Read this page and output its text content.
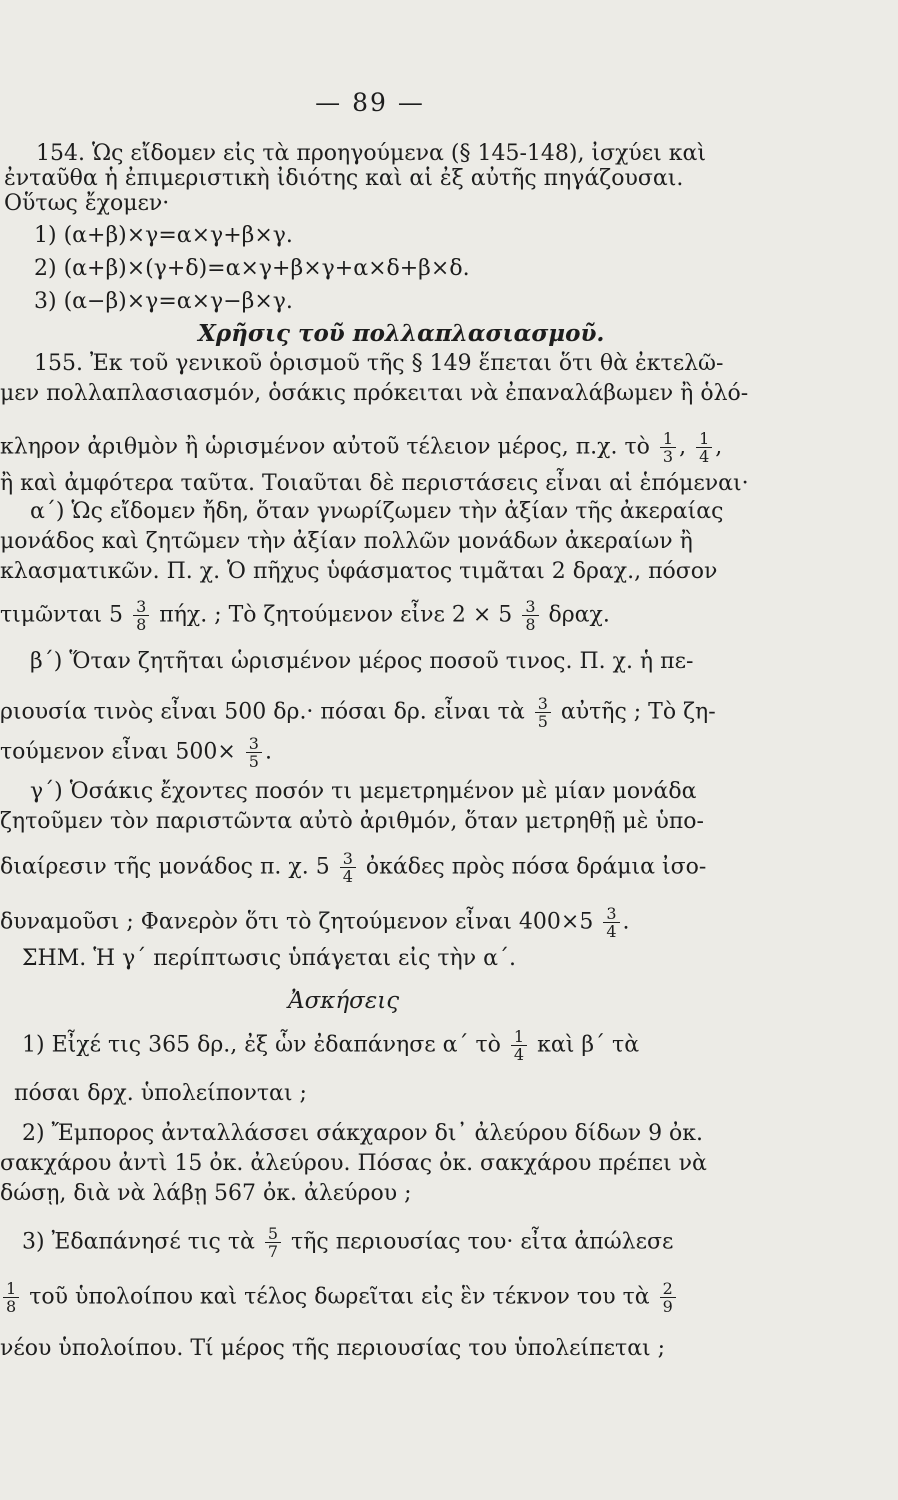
— 89 —
154. Ὡς εἴδομεν εἰς τὰ προηγούμενα (§ 145-148), ἰσχύει καὶ
ἐνταῦθα ἡ ἐπιμεριστικὴ ἰδιότης καὶ αἱ ἐξ αὐτῆς πηγάζουσαι.
Οὕτως ἔχομεν·
1) (α+β)×γ=α×γ+β×γ.
2) (α+β)×(γ+δ)=α×γ+β×γ+α×δ+β×δ.
3) (α−β)×γ=α×γ−β×γ.
Χρῆσις τοῦ πολλαπλασιασμοῦ.
155. Ἐκ τοῦ γενικοῦ ὁρισμοῦ τῆς § 149 ἕπεται ὅτι θὰ ἐκτελῶ-
μεν πολλαπλασιασμόν, ὁσάκις πρόκειται νὰ ἐπαναλάβωμεν ἢ ὁλό-
κληρον ἀριθμὸν ἢ ὡρισμένον αὐτοῦ τέλειον μέρος, π.χ. τὸ $\frac{1}{3}$ , $\frac{1}{4}$ ,
ἢ καὶ ἀμφότερα ταῦτα. Τοιαῦται δὲ περιστάσεις εἶναι αἱ ἑπόμεναι·
α΄) Ὡς εἴδομεν ἤδη, ὅταν γνωρίζωμεν τὴν ἀξίαν τῆς ἀκεραίας
μονάδος καὶ ζητῶμεν τὴν ἀξίαν πολλῶν μονάδων ἀκεραίων ἢ
κλασματικῶν. Π. χ. Ὁ πῆχυς ὑφάσματος τιμᾶται 2 δραχ., πόσον
τιμῶνται $5 \frac{3}{8} \pi ή\chi$. ; Τὸ ζητούμενον εἶνε $2 \times 5 \frac{3}{8} \delta\rho\alpha\chi$.
β΄) Ὅταν ζητῆται ὡρισμένον μέρος ποσοῦ τινος. Π. χ. ἡ πε-
ριουσία τινὸς εἶναι 500 δρ.· πόσαι δρ. εἶναι τὰ $\frac{3}{5}$ αὐτῆς ; Τὸ ζη-
τούμενον εἶναι $500\times \frac{3}{5}$ .
γ΄) Ὁσάκις ἔχοντες ποσόν τι μεμετρημένον μὲ μίαν μονάδα
ζητοῦμεν τὸν παριστῶντα αὐτὸ ἀριθμόν, ὅταν μετρηθῇ μὲ ὑπο-
διαίρεσιν τῆς μονάδος π. χ. $5 \frac{3}{4}$ ὀκάδες πρὸς πόσα δράμια ἰσο-
δυναμοῦσι ; Φανερὸν ὅτι τὸ ζητούμενον εἶναι $400\times 5 \frac{3}{4}$ .
ΣΗΜ. Ἡ γ΄ περίπτωσις ὑπάγεται εἰς τὴν α΄.
Ἀσκήσεις
1) Εἶχέ τις 365 δρ., ἐξ ὧν ἐδαπάνησε α΄ τὸ $\frac{1}{4}$ καὶ β΄ τὰ
πόσαι δρχ. ὑπολείπονται ;
2) Ἔμπορος ἀνταλλάσσει σάκχαρον δι᾿ ἀλεύρου δίδων 9 ὀκ.
σακχάρου ἀντὶ 15 ὀκ. ἀλεύρου. Πόσας ὀκ. σακχάρου πρέπει νὰ
δώσῃ, διὰ νὰ λάβῃ 567 ὀκ. ἀλεύρου ;
3) Ἐδαπάνησέ τις τὰ $\frac{5}{7}$ τῆς περιουσίας του· εἶτα ἀπώλεσε
$\frac{1}{8}$ τοῦ ὑπολοίπου καὶ τέλος δωρεῖται εἰς ἓν τέκνον του τὰ $\frac{2}{9}$
νέου ὑπολοίπου. Τί μέρος τῆς περιουσίας του ὑπολείπεται ;
